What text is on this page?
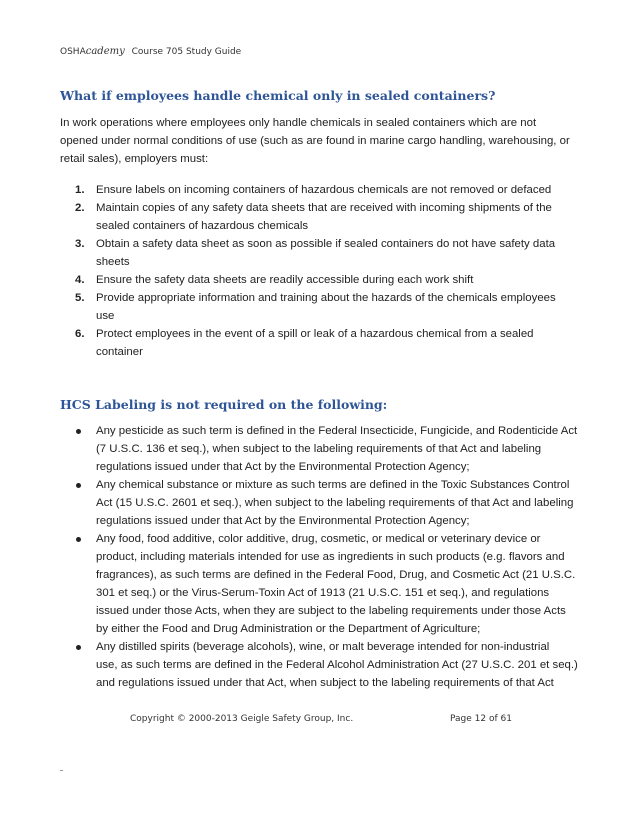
OSHAcademy Course 705 Study Guide
What if employees handle chemical only in sealed containers?
In work operations where employees only handle chemicals in sealed containers which are not
opened under normal conditions of use (such as are found in marine cargo handling, warehousing, or
retail sales), employers must:
1. Ensure labels on incoming containers of hazardous chemicals are not removed or defaced
2. Maintain copies of any safety data sheets that are received with incoming shipments of the
sealed containers of hazardous chemicals
3. Obtain a safety data sheet as soon as possible if sealed containers do not have safety data
sheets
4. Ensure the safety data sheets are readily accessible during each work shift
5. Provide appropriate information and training about the hazards of the chemicals employees
use
6. Protect employees in the event of a spill or leak of a hazardous chemical from a sealed
container
HCS Labeling is not required on the following:
Any pesticide as such term is defined in the Federal Insecticide, Fungicide, and Rodenticide Act
(7 U.S.C. 136 et seq.), when subject to the labeling requirements of that Act and labeling
regulations issued under that Act by the Environmental Protection Agency;
Any chemical substance or mixture as such terms are defined in the Toxic Substances Control
Act (15 U.S.C. 2601 et seq.), when subject to the labeling requirements of that Act and labeling
regulations issued under that Act by the Environmental Protection Agency;
Any food, food additive, color additive, drug, cosmetic, or medical or veterinary device or
product, including materials intended for use as ingredients in such products (e.g. flavors and
fragrances), as such terms are defined in the Federal Food, Drug, and Cosmetic Act (21 U.S.C.
301 et seq.) or the Virus-Serum-Toxin Act of 1913 (21 U.S.C. 151 et seq.), and regulations
issued under those Acts, when they are subject to the labeling requirements under those Acts
by either the Food and Drug Administration or the Department of Agriculture;
Any distilled spirits (beverage alcohols), wine, or malt beverage intended for non-industrial
use, as such terms are defined in the Federal Alcohol Administration Act (27 U.S.C. 201 et seq.)
and regulations issued under that Act, when subject to the labeling requirements of that Act
Copyright © 2000-2013 Geigle Safety Group, Inc.	Page 12 of 61
